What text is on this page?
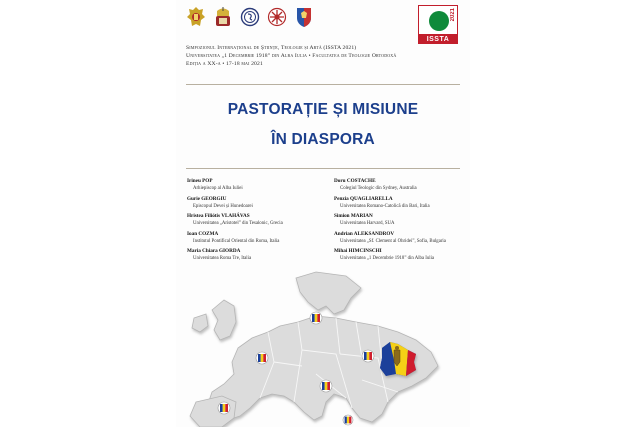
2021
ISSTA
Simpozionul Internațional de Științe, Teologie și Artă (ISSTA 2021)
Universitatea „1 Decembrie 1918” din Alba Iulia • Facultatea de Teologie Ortodoxă
Ediția a XX-a • 17-18 mai 2021
PASTORAȚIE ȘI MISIUNE
ÎN DIASPORA
Irineu POP
Arhiepiscop al Alba Iuliei
Gurie GEORGIU
Episcopul Devei și Hunedoarei
Hristea Filiótis VLAHÁVAS
Universitatea „Aristotel” din Tesalonic, Grecia
Ioan COZMA
Institutul Pontifical Oriental din Roma, Italia
Maria Chiara GIORDA
Universitatea Roma Tre, Italia
Doru COSTACHE
Colegiul Teologic din Sydney, Australia
Penzia QUAGLIARELLA
Universitatea Romano-Catolică din Bari, Italia
Simion MARIAN
Universitatea Harvard, SUA
Andrian ALEKSANDROV
Universitatea „Sf. Clement al Ohridei”, Sofia, Bulgaria
Mihai HIMCINSCHI
Universitatea „1 Decembrie 1918” din Alba Iulia
